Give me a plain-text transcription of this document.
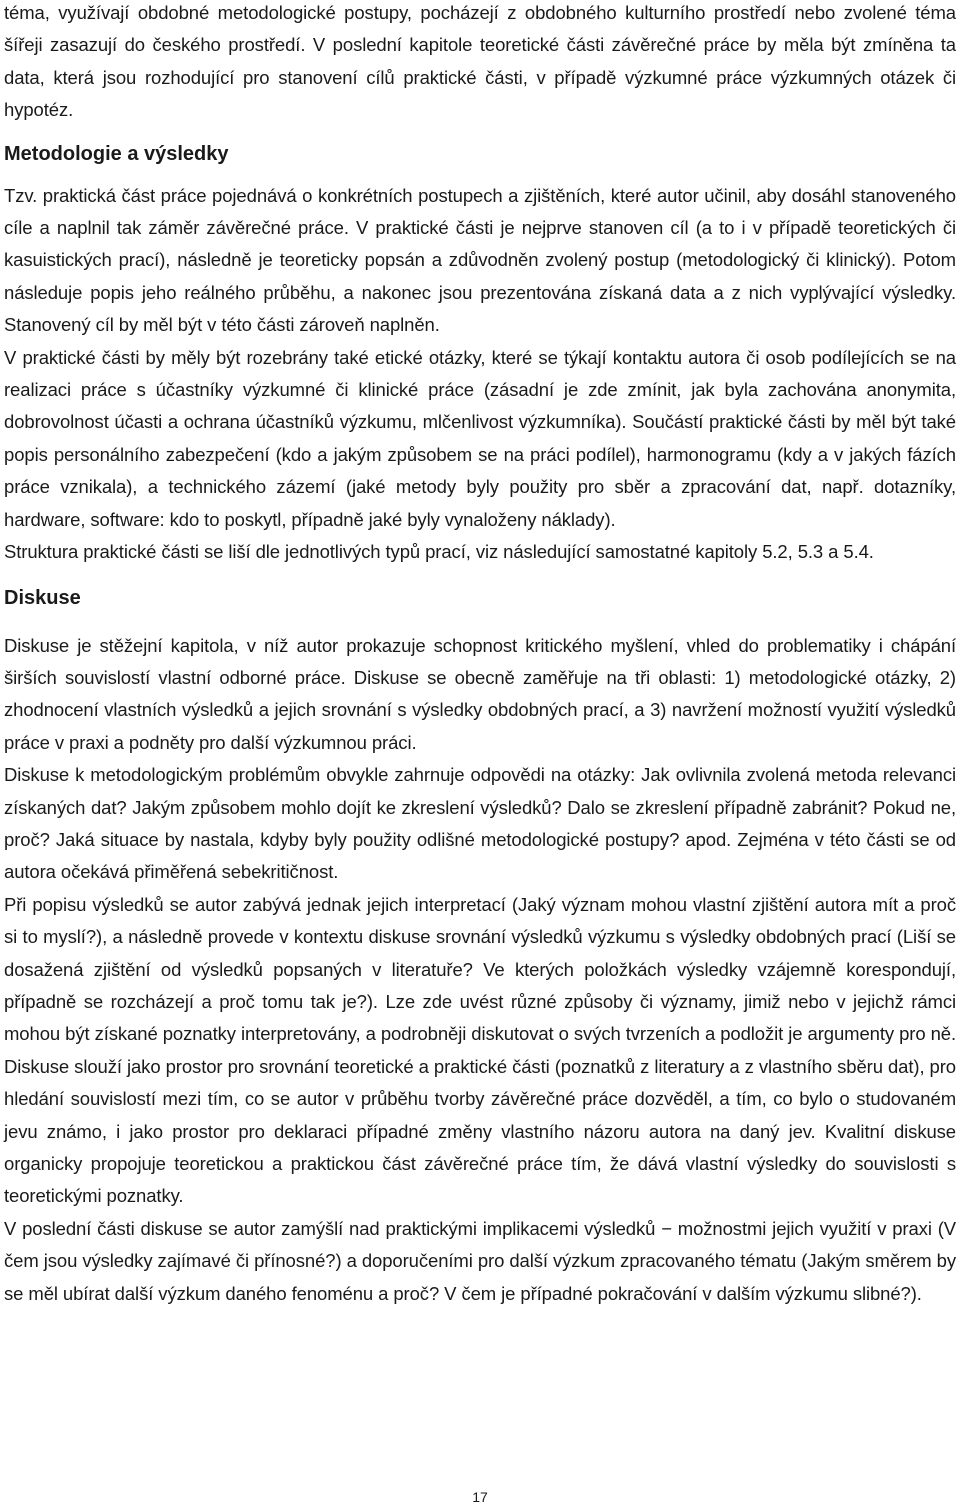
téma, využívají obdobné metodologické postupy, pocházejí z obdobného kulturního prostředí nebo zvolené téma šířeji zasazují do českého prostředí. V poslední kapitole teoretické části závěrečné práce by měla být zmíněna ta data, která jsou rozhodující pro stanovení cílů praktické části, v případě výzkumné práce výzkumných otázek či hypotéz.

Metodologie a výsledky

Tzv. praktická část práce pojednává o konkrétních postupech a zjištěních, které autor učinil, aby dosáhl stanoveného cíle a naplnil tak záměr závěrečné práce. V praktické části je nejprve stanoven cíl (a to i v případě teoretických či kasuistických prací), následně je teoreticky popsán a zdůvodněn zvolený postup (metodologický či klinický). Potom následuje popis jeho reálného průběhu, a nakonec jsou prezentována získaná data a z nich vyplývající výsledky. Stanovený cíl by měl být v této části zároveň naplněn.

V praktické části by měly být rozebrány také etické otázky, které se týkají kontaktu autora či osob podílejících se na realizaci práce s účastníky výzkumné či klinické práce (zásadní je zde zmínit, jak byla zachována anonymita, dobrovolnost účasti a ochrana účastníků výzkumu, mlčenlivost výzkumníka). Součástí praktické části by měl být také popis personálního zabezpečení (kdo a jakým způsobem se na práci podílel), harmonogramu (kdy a v jakých fázích práce vznikala), a technického zázemí (jaké metody byly použity pro sběr a zpracování dat, např. dotazníky, hardware, software: kdo to poskytl, případně jaké byly vynaloženy náklady).

Struktura praktické části se liší dle jednotlivých typů prací, viz následující samostatné kapitoly 5.2, 5.3 a 5.4.

Diskuse

Diskuse je stěžejní kapitola, v níž autor prokazuje schopnost kritického myšlení, vhled do problematiky i chápání širších souvislostí vlastní odborné práce. Diskuse se obecně zaměřuje na tři oblasti: 1) metodologické otázky, 2) zhodnocení vlastních výsledků a jejich srovnání s výsledky obdobných prací, a 3) navržení možností využití výsledků práce v praxi a podněty pro další výzkumnou práci.

Diskuse k metodologickým problémům obvykle zahrnuje odpovědi na otázky: Jak ovlivnila zvolená metoda relevanci získaných dat? Jakým způsobem mohlo dojít ke zkreslení výsledků? Dalo se zkreslení případně zabránit? Pokud ne, proč? Jaká situace by nastala, kdyby byly použity odlišné metodologické postupy? apod. Zejména v této části se od autora očekává přiměřená sebekritičnost.

Při popisu výsledků se autor zabývá jednak jejich interpretací (Jaký význam mohou vlastní zjištění autora mít a proč si to myslí?), a následně provede v kontextu diskuse srovnání výsledků výzkumu s výsledky obdobných prací (Liší se dosažená zjištění od výsledků popsaných v literatuře? Ve kterých položkách výsledky vzájemně korespondují, případně se rozcházejí a proč tomu tak je?). Lze zde uvést různé způsoby či významy, jimiž nebo v jejichž rámci mohou být získané poznatky interpretovány, a podrobněji diskutovat o svých tvrzeních a podložit je argumenty pro ně. Diskuse slouží jako prostor pro srovnání teoretické a praktické části (poznatků z literatury a z vlastního sběru dat), pro hledání souvislostí mezi tím, co se autor v průběhu tvorby závěrečné práce dozvěděl, a tím, co bylo o studovaném jevu známo, i jako prostor pro deklaraci případné změny vlastního názoru autora na daný jev. Kvalitní diskuse organicky propojuje teoretickou a praktickou část závěrečné práce tím, že dává vlastní výsledky do souvislosti s teoretickými poznatky.

V poslední části diskuse se autor zamýšlí nad praktickými implikacemi výsledků − možnostmi jejich využití v praxi (V čem jsou výsledky zajímavé či přínosné?) a doporučeními pro další výzkum zpracovaného tématu (Jakým směrem by se měl ubírat další výzkum daného fenoménu a proč? V čem je případné pokračování v dalším výzkumu slibné?).

17
